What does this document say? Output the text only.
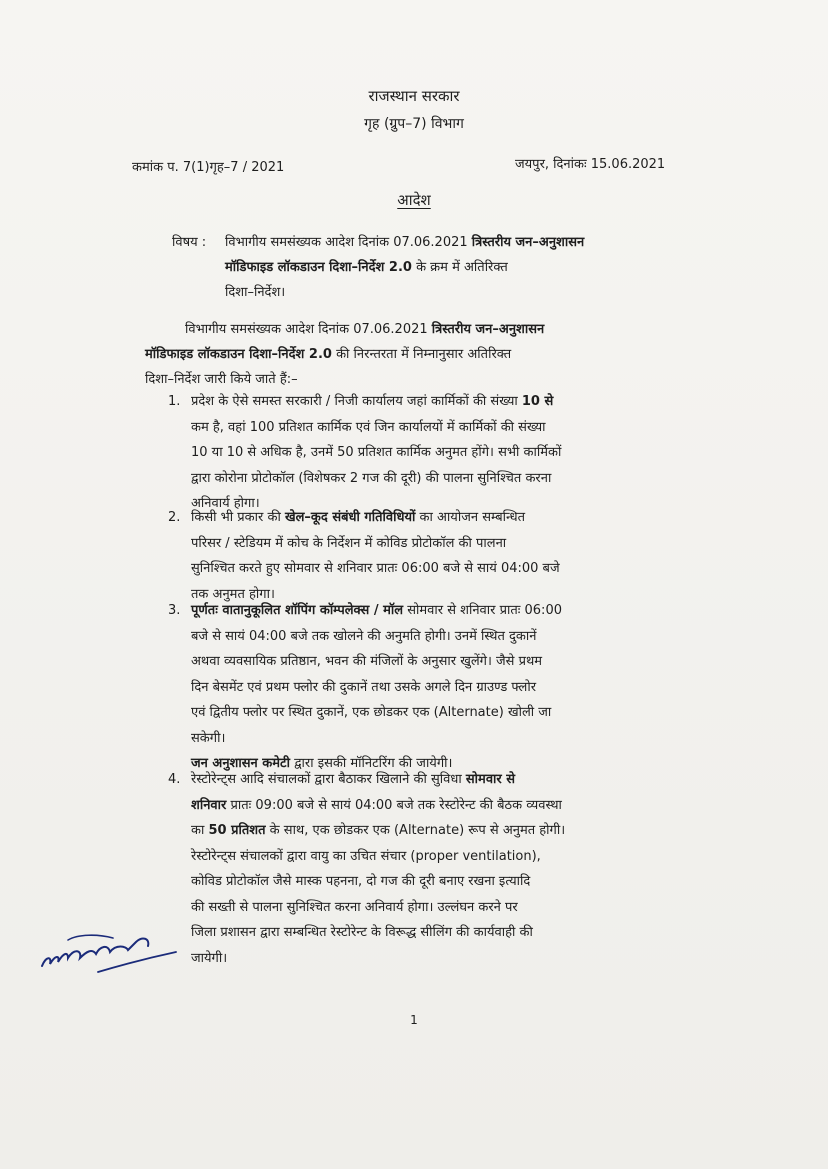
राजस्थान सरकार
गृह (ग्रुप–7) विभाग
कमांक प. 7(1)गृह–7 / 2021	जयपुर, दिनांकः 15.06.2021
आदेश
विषय : विभागीय समसंख्यक आदेश दिनांक 07.06.2021 त्रिस्तरीय जन–अनुशासन
मॉडिफाइड लॉकडाउन दिशा–निर्देश 2.0 के क्रम में अतिरिक्त
दिशा–निर्देश।
विभागीय समसंख्यक आदेश दिनांक 07.06.2021 त्रिस्तरीय जन–अनुशासन
मॉडिफाइड लॉकडाउन दिशा–निर्देश 2.0 की निरन्तरता में निम्नानुसार अतिरिक्त
दिशा–निर्देश जारी किये जाते हैं:–
1. प्रदेश के ऐसे समस्त सरकारी / निजी कार्यालय जहां कार्मिकों की संख्या 10 से
कम है, वहां 100 प्रतिशत कार्मिक एवं जिन कार्यालयों में कार्मिकों की संख्या
10 या 10 से अधिक है, उनमें 50 प्रतिशत कार्मिक अनुमत होंगे। सभी कार्मिकों
द्वारा कोरोना प्रोटोकॉल (विशेषकर 2 गज की दूरी) की पालना सुनिश्चित करना
अनिवार्य होगा।
2. किसी भी प्रकार की खेल–कूद संबंधी गतिविधियों का आयोजन सम्बन्धित
परिसर / स्टेडियम में कोच के निर्देशन में कोविड प्रोटोकॉल की पालना
सुनिश्चित करते हुए सोमवार से शनिवार प्रातः 06:00 बजे से सायं 04:00 बजे
तक अनुमत होगा।
3. पूर्णतः वातानुकूलित शॉपिंग कॉम्पलेक्स / मॉल सोमवार से शनिवार प्रातः 06:00
बजे से सायं 04:00 बजे तक खोलने की अनुमति होगी। उनमें स्थित दुकानें
अथवा व्यवसायिक प्रतिष्ठान, भवन की मंजिलों के अनुसार खुलेंगे। जैसे प्रथम
दिन बेसमेंट एवं प्रथम फ्लोर की दुकानें तथा उसके अगले दिन ग्राउण्ड फ्लोर
एवं द्वितीय फ्लोर पर स्थित दुकानें, एक छोडकर एक (Alternate) खोली जा
सकेगी।
जन अनुशासन कमेटी द्वारा इसकी मॉनिटरिंग की जायेगी।
4. रेस्टोरेन्ट्स आदि संचालकों द्वारा बैठाकर खिलाने की सुविधा सोमवार से
शनिवार प्रातः 09:00 बजे से सायं 04:00 बजे तक रेस्टोरेन्ट की बैठक व्यवस्था
का 50 प्रतिशत के साथ, एक छोडकर एक (Alternate) रूप से अनुमत होगी।
रेस्टोरेन्ट्स संचालकों द्वारा वायु का उचित संचार (proper ventilation),
कोविड प्रोटोकॉल जैसे मास्क पहनना, दो गज की दूरी बनाए रखना इत्यादि
की सख्ती से पालना सुनिश्चित करना अनिवार्य होगा। उल्लंघन करने पर
जिला प्रशासन द्वारा सम्बन्धित रेस्टोरेन्ट के विरूद्ध सीलिंग की कार्यवाही की
जायेगी।
1
